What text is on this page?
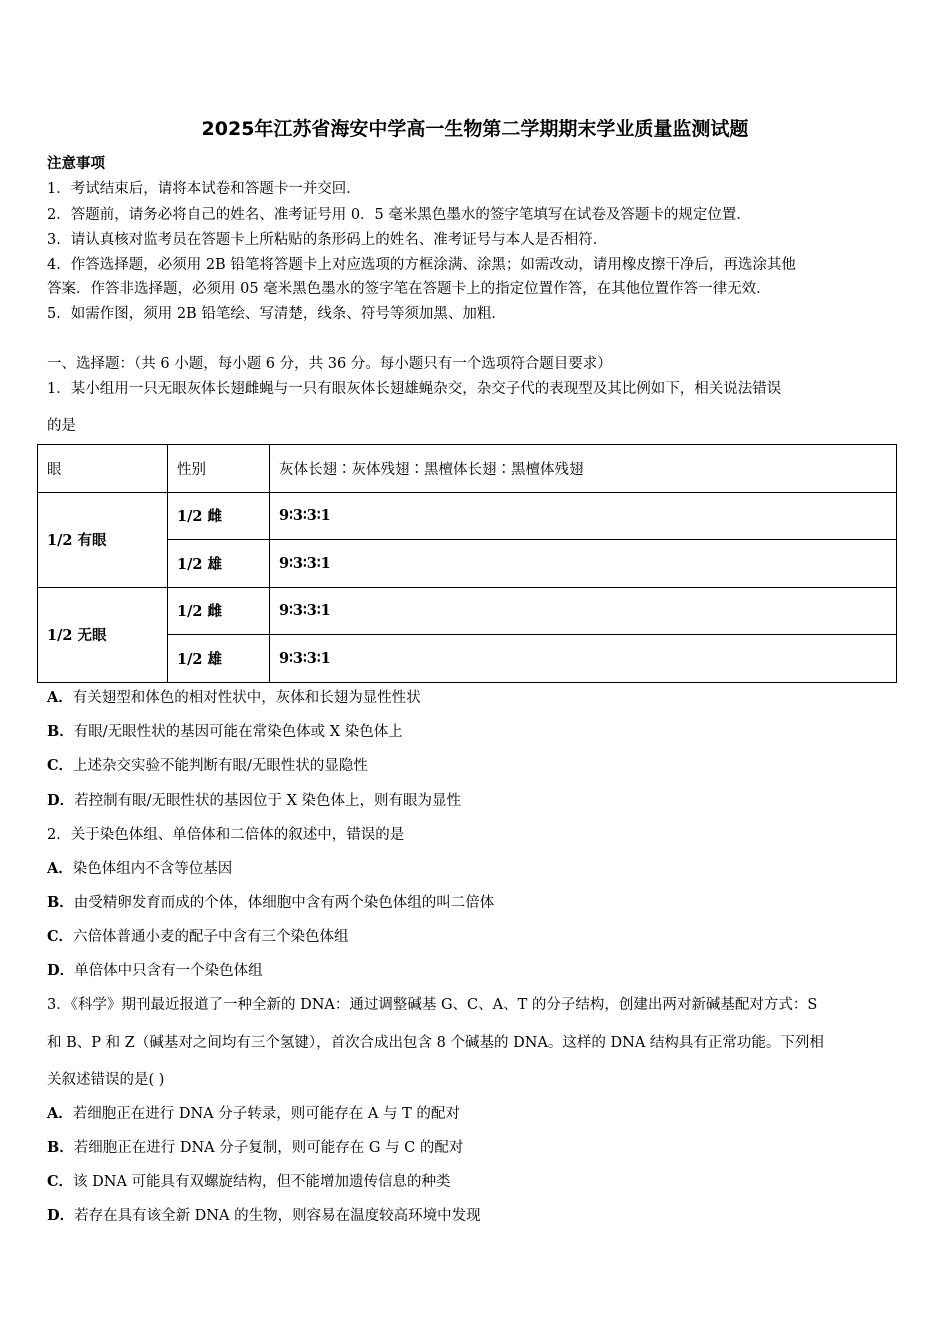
2025年江苏省海安中学高一生物第二学期期末学业质量监测试题
注意事项
1．考试结束后，请将本试卷和答题卡一并交回．
2．答题前，请务必将自己的姓名、准考证号用 0．5 毫米黑色墨水的签字笔填写在试卷及答题卡的规定位置．
3．请认真核对监考员在答题卡上所粘贴的条形码上的姓名、准考证号与本人是否相符．
4．作答选择题，必须用 2B 铅笔将答题卡上对应选项的方框涂满、涂黑；如需改动，请用橡皮擦干净后，再选涂其他
答案．作答非选择题，必须用 05 毫米黑色墨水的签字笔在答题卡上的指定位置作答，在其他位置作答一律无效．
5．如需作图，须用 2B 铅笔绘、写清楚，线条、符号等须加黑、加粗．
一、选择题：（共 6 小题，每小题 6 分，共 36 分。每小题只有一个选项符合题目要求）
1．某小组用一只无眼灰体长翅雌蝇与一只有眼灰体长翅雄蝇杂交，杂交子代的表现型及其比例如下，相关说法错误
的是
眼	性别	灰体长翅∶灰体残翅∶黑檀体长翅∶黑檀体残翅
1/2 有眼	1/2 雌	9∶3∶3∶1
	1/2 雄	9∶3∶3∶1
1/2 无眼	1/2 雌	9∶3∶3∶1
	1/2 雄	9∶3∶3∶1
A．有关翅型和体色的相对性状中，灰体和长翅为显性性状
B．有眼/无眼性状的基因可能在常染色体或 X 染色体上
C．上述杂交实验不能判断有眼/无眼性状的显隐性
D．若控制有眼/无眼性状的基因位于 X 染色体上，则有眼为显性
2．关于染色体组、单倍体和二倍体的叙述中，错误的是
A．染色体组内不含等位基因
B．由受精卵发育而成的个体，体细胞中含有两个染色体组的叫二倍体
C．六倍体普通小麦的配子中含有三个染色体组
D．单倍体中只含有一个染色体组
3．《科学》期刊最近报道了一种全新的 DNA：通过调整碱基 G、C、A、T 的分子结构，创建出两对新碱基配对方式：S
和 B、P 和 Z（碱基对之间均有三个氢键），首次合成出包含 8 个碱基的 DNA。这样的 DNA 结构具有正常功能。下列相
关叙述错误的是( )
A．若细胞正在进行 DNA 分子转录，则可能存在 A 与 T 的配对
B．若细胞正在进行 DNA 分子复制，则可能存在 G 与 C 的配对
C．该 DNA 可能具有双螺旋结构，但不能增加遗传信息的种类
D．若存在具有该全新 DNA 的生物，则容易在温度较高环境中发现
